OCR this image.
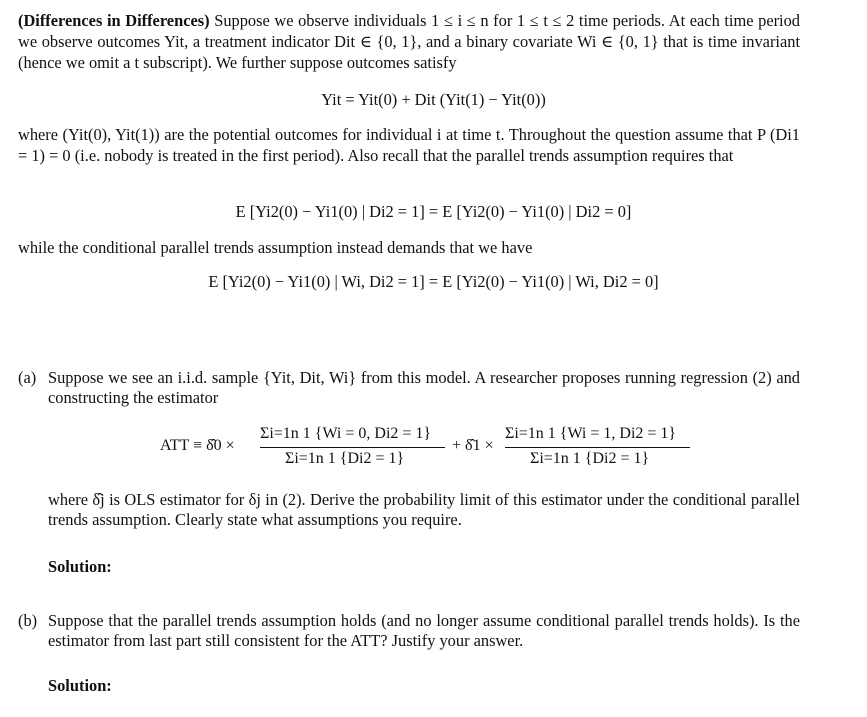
(Differences in Differences) Suppose we observe individuals 1 ≤ i ≤ n for 1 ≤ t ≤ 2 time periods. At each time period we observe outcomes Yit, a treatment indicator Dit ∈ {0, 1}, and a binary covariate Wi ∈ {0, 1} that is time invariant (hence we omit a t subscript). We further suppose outcomes satisfy
Yit = Yit(0) + Dit (Yit(1) − Yit(0))
where (Yit(0), Yit(1)) are the potential outcomes for individual i at time t. Throughout the question assume that P (Di1 = 1) = 0 (i.e. nobody is treated in the first period). Also recall that the parallel trends assumption requires that
E [Yi2(0) − Yi1(0) | Di2 = 1] = E [Yi2(0) − Yi1(0) | Di2 = 0]
while the conditional parallel trends assumption instead demands that we have
E [Yi2(0) − Yi1(0) | Wi, Di2 = 1] = E [Yi2(0) − Yi1(0) | Wi, Di2 = 0]
(a) Suppose we see an i.i.d. sample {Yit, Dit, Wi} from this model. A researcher proposes running regression (2) and constructing the estimator
ATT ≡ δ̂0 ×
Σi=1n 1 {Wi = 0, Di2 = 1}
Σi=1n 1 {Di2 = 1}
+ δ̂1 ×
Σi=1n 1 {Wi = 1, Di2 = 1}
Σi=1n 1 {Di2 = 1}
where δ̂j is OLS estimator for δj in (2). Derive the probability limit of this estimator under the conditional parallel trends assumption. Clearly state what assumptions you require.
Solution:
(b) Suppose that the parallel trends assumption holds (and no longer assume conditional parallel trends holds). Is the estimator from last part still consistent for the ATT? Justify your answer.
Solution:
